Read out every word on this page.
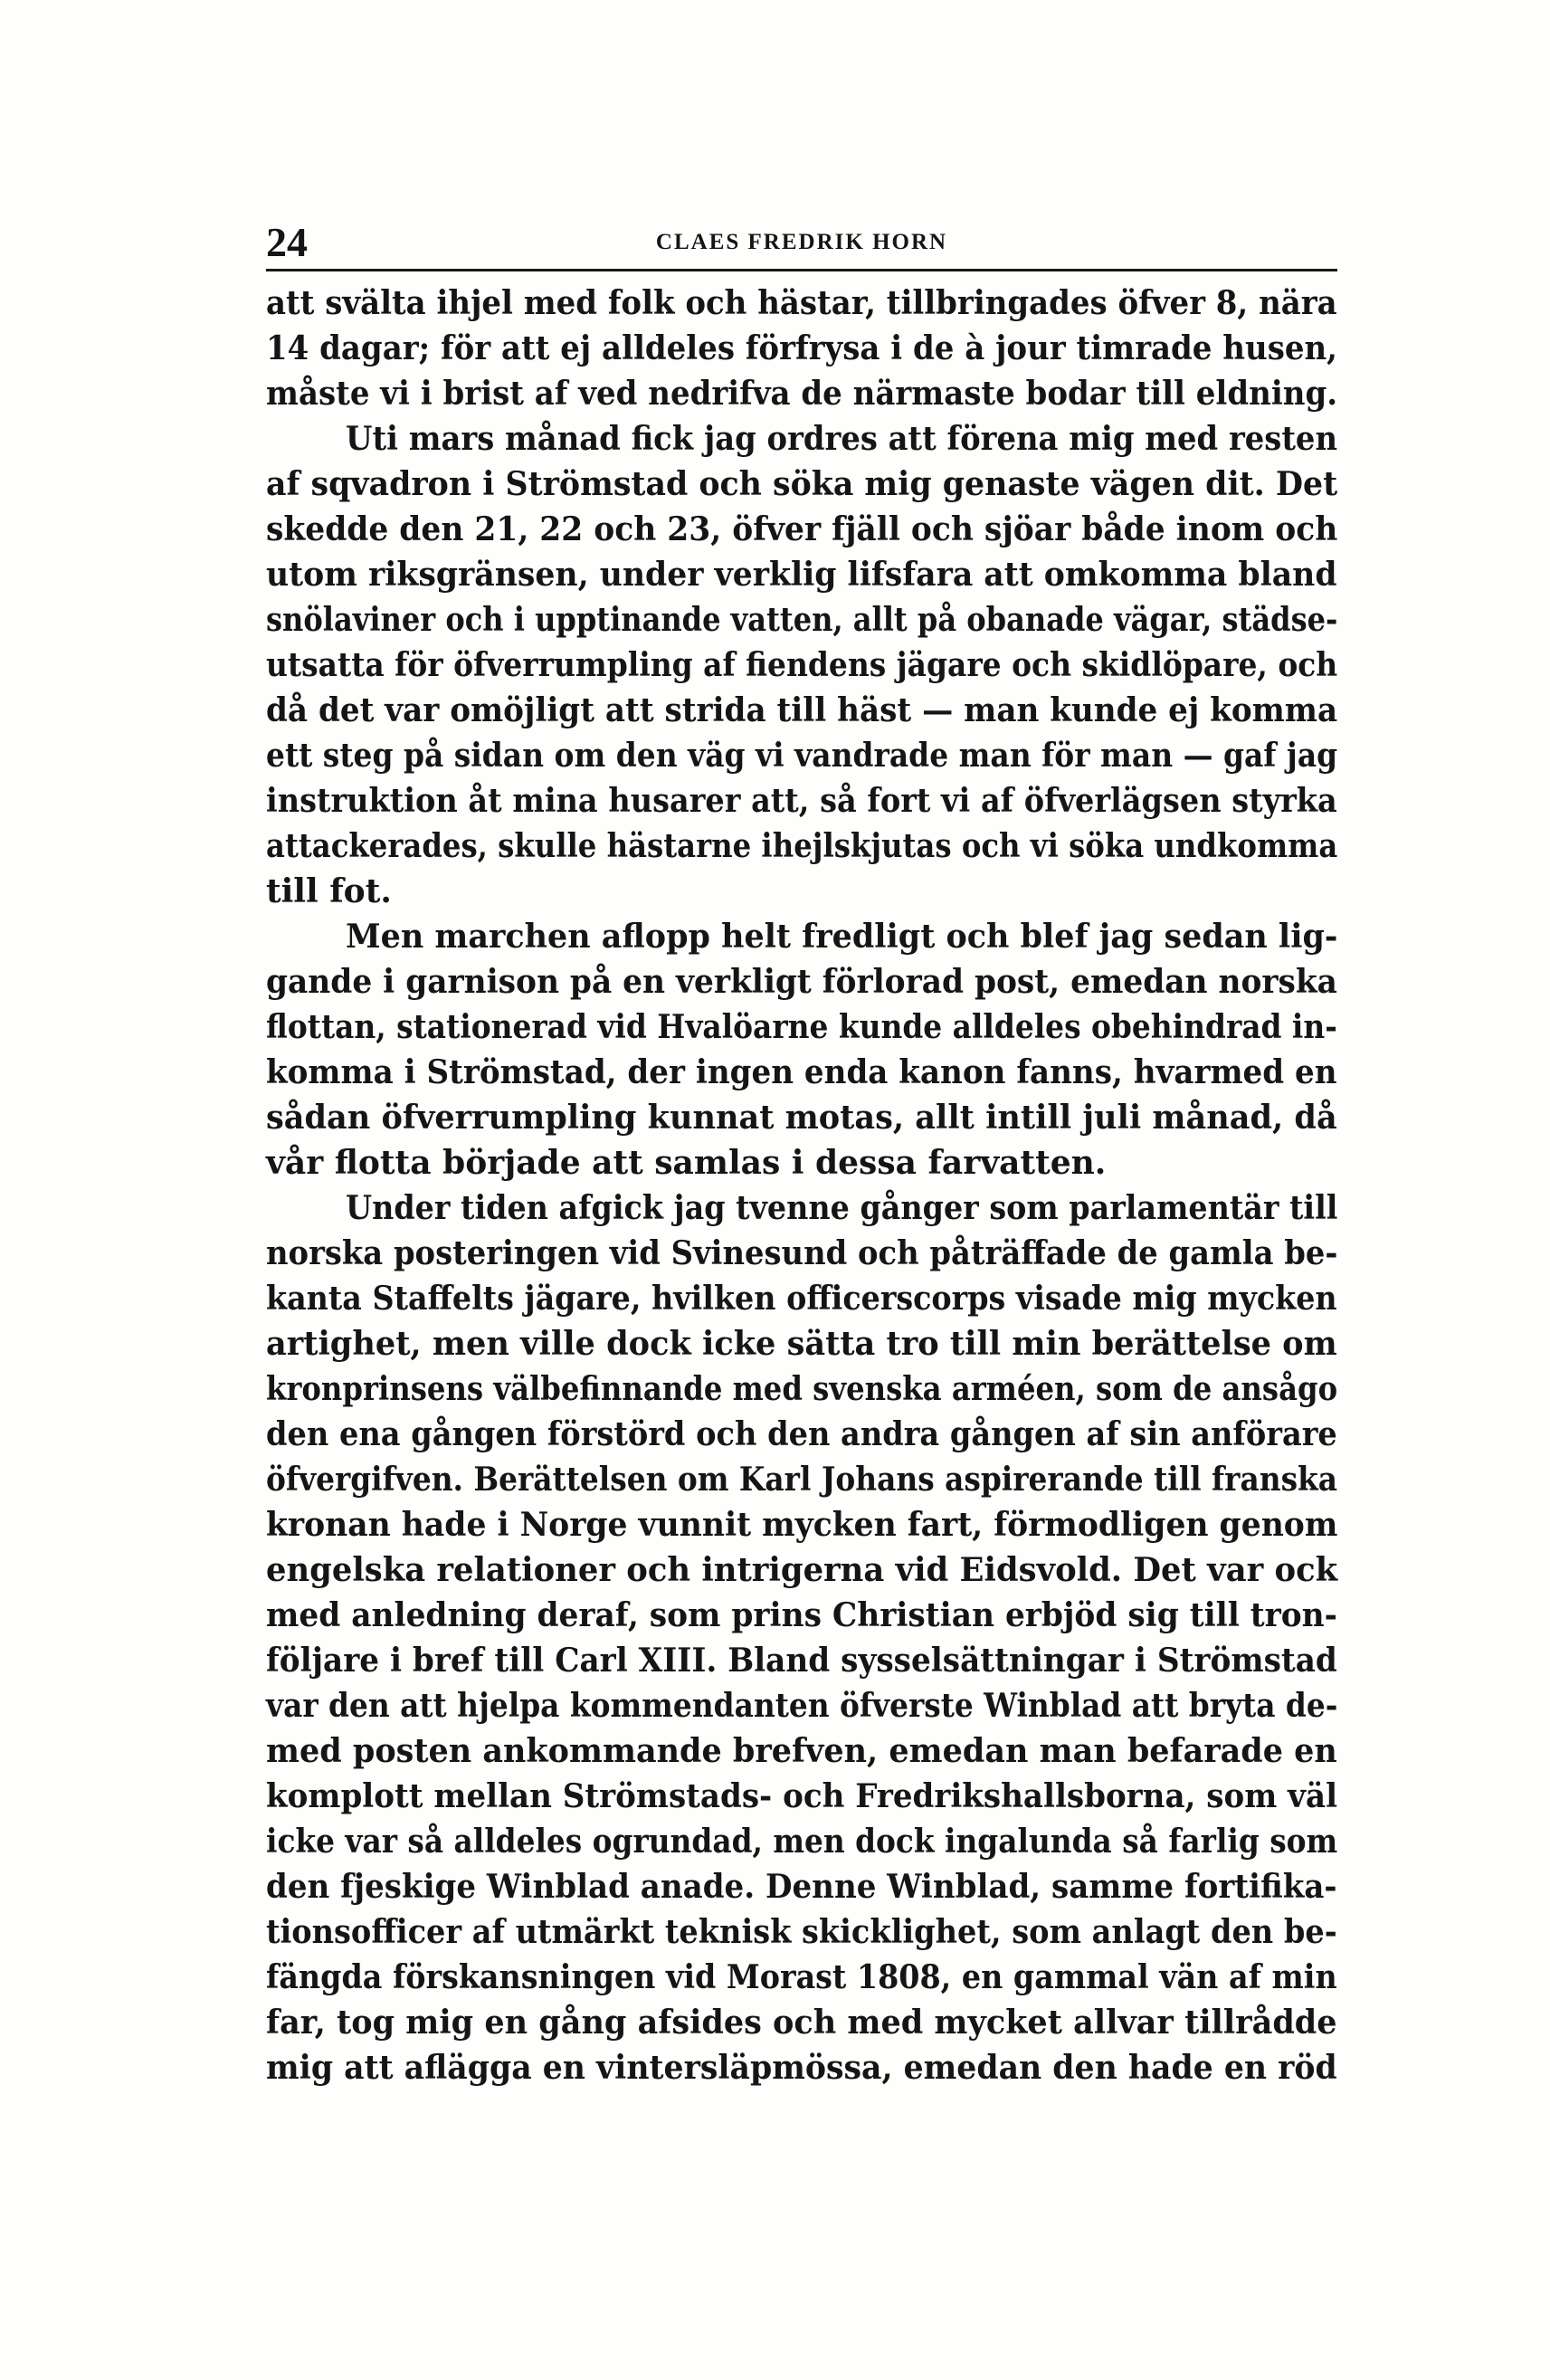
24	CLAES FREDRIK HORN
att svälta ihjel med folk och hästar, tillbringades öfver 8, nära
14 dagar; för att ej alldeles förfrysa i de à jour timrade husen,
måste vi i brist af ved nedrifva de närmaste bodar till eldning.
Uti mars månad fick jag ordres att förena mig med resten
af sqvadron i Strömstad och söka mig genaste vägen dit. Det
skedde den 21, 22 och 23, öfver fjäll och sjöar både inom och
utom riksgränsen, under verklig lifsfara att omkomma bland
snölaviner och i upptinande vatten, allt på obanade vägar, städse-
utsatta för öfverrumpling af fiendens jägare och skidlöpare, och
då det var omöjligt att strida till häst — man kunde ej komma
ett steg på sidan om den väg vi vandrade man för man — gaf jag
instruktion åt mina husarer att, så fort vi af öfverlägsen styrka
attackerades, skulle hästarne ihejlskjutas och vi söka undkomma
till fot.
Men marchen aflopp helt fredligt och blef jag sedan lig-
gande i garnison på en verkligt förlorad post, emedan norska
flottan, stationerad vid Hvalöarne kunde alldeles obehindrad in-
komma i Strömstad, der ingen enda kanon fanns, hvarmed en
sådan öfverrumpling kunnat motas, allt intill juli månad, då
vår flotta började att samlas i dessa farvatten.
Under tiden afgick jag tvenne gånger som parlamentär till
norska posteringen vid Svinesund och påträffade de gamla be-
kanta Staffelts jägare, hvilken officerscorps visade mig mycken
artighet, men ville dock icke sätta tro till min berättelse om
kronprinsens välbefinnande med svenska arméen, som de ansågo
den ena gången förstörd och den andra gången af sin anförare
öfvergifven. Berättelsen om Karl Johans aspirerande till franska
kronan hade i Norge vunnit mycken fart, förmodligen genom
engelska relationer och intrigerna vid Eidsvold. Det var ock
med anledning deraf, som prins Christian erbjöd sig till tron-
följare i bref till Carl XIII. Bland sysselsättningar i Strömstad
var den att hjelpa kommendanten öfverste Winblad att bryta de-
med posten ankommande brefven, emedan man befarade en
komplott mellan Strömstads- och Fredrikshallsborna, som väl
icke var så alldeles ogrundad, men dock ingalunda så farlig som
den fjeskige Winblad anade. Denne Winblad, samme fortifika-
tionsofficer af utmärkt teknisk skicklighet, som anlagt den be-
fängda förskansningen vid Morast 1808, en gammal vän af min
far, tog mig en gång afsides och med mycket allvar tillrådde
mig att aflägga en vintersläpmössa, emedan den hade en röd
